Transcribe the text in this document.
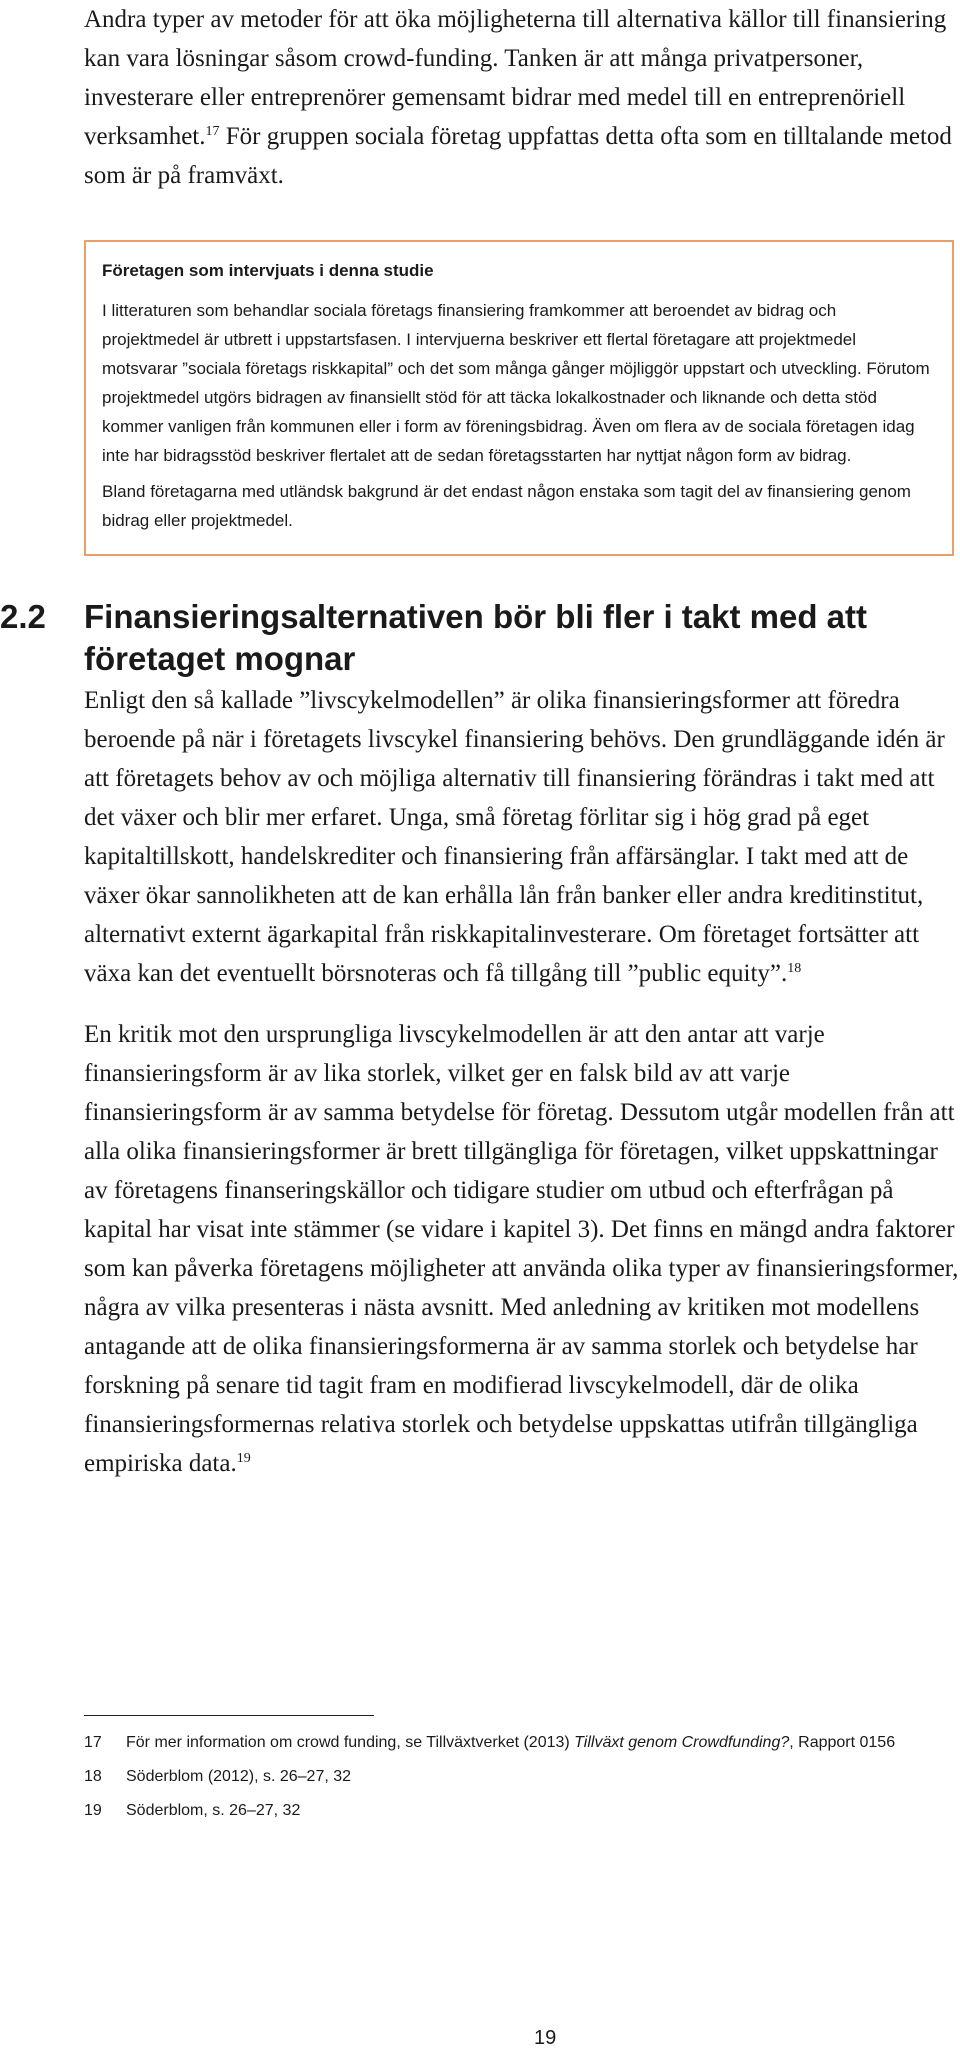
Andra typer av metoder för att öka möjligheterna till alternativa källor till finansiering kan vara lösningar såsom crowd-funding. Tanken är att många privatpersoner, investerare eller entreprenörer gemensamt bidrar med medel till en entreprenöriell verksamhet.$^{17}$ För gruppen sociala företag uppfattas detta ofta som en tilltalande metod som är på framväxt.

Företagen som intervjuats i denna studie

I litteraturen som behandlar sociala företags finansiering framkommer att beroendet av bidrag och projektmedel är utbrett i uppstartsfasen. I intervjuerna beskriver ett flertal företagare att projektmedel motsvarar ”sociala företags riskkapital” och det som många gånger möjliggör uppstart och utveckling. Förutom projektmedel utgörs bidragen av finansiellt stöd för att täcka lokalkostnader och liknande och detta stöd kommer vanligen från kommunen eller i form av föreningsbidrag. Även om flera av de sociala företagen idag inte har bidragsstöd beskriver flertalet att de sedan företagsstarten har nyttjat någon form av bidrag.

Bland företagarna med utländsk bakgrund är det endast någon enstaka som tagit del av finansiering genom bidrag eller projektmedel.

2.2 Finansieringsalternativen bör bli fler i takt med att företaget mognar

Enligt den så kallade ”livscykelmodellen” är olika finansieringsformer att föredra beroende på när i företagets livscykel finansiering behövs. Den grundläggande idén är att företagets behov av och möjliga alternativ till finansiering förändras i takt med att det växer och blir mer erfaret. Unga, små företag förlitar sig i hög grad på eget kapitaltillskott, handelskrediter och finansiering från affärsänglar. I takt med att de växer ökar sannolikheten att de kan erhålla lån från banker eller andra kreditinstitut, alternativt externt ägarkapital från riskkapitalinvesterare. Om företaget fortsätter att växa kan det eventuellt börsnoteras och få tillgång till ”public equity”.$^{18}$

En kritik mot den ursprungliga livscykelmodellen är att den antar att varje finansieringsform är av lika storlek, vilket ger en falsk bild av att varje finansieringsform är av samma betydelse för företag. Dessutom utgår modellen från att alla olika finansieringsformer är brett tillgängliga för företagen, vilket uppskattningar av företagens finanseringskällor och tidigare studier om utbud och efterfrågan på kapital har visat inte stämmer (se vidare i kapitel 3). Det finns en mängd andra faktorer som kan påverka företagens möjligheter att använda olika typer av finansieringsformer, några av vilka presenteras i nästa avsnitt. Med anledning av kritiken mot modellens antagande att de olika finansieringsformerna är av samma storlek och betydelse har forskning på senare tid tagit fram en modifierad livscykelmodell, där de olika finansieringsformernas relativa storlek och betydelse uppskattas utifrån tillgängliga empiriska data.$^{19}$

17	För mer information om crowd funding, se Tillväxtverket (2013) Tillväxt genom Crowdfunding?, Rapport 0156
18	Söderblom (2012), s. 26–27, 32
19	Söderblom, s. 26–27, 32
19
